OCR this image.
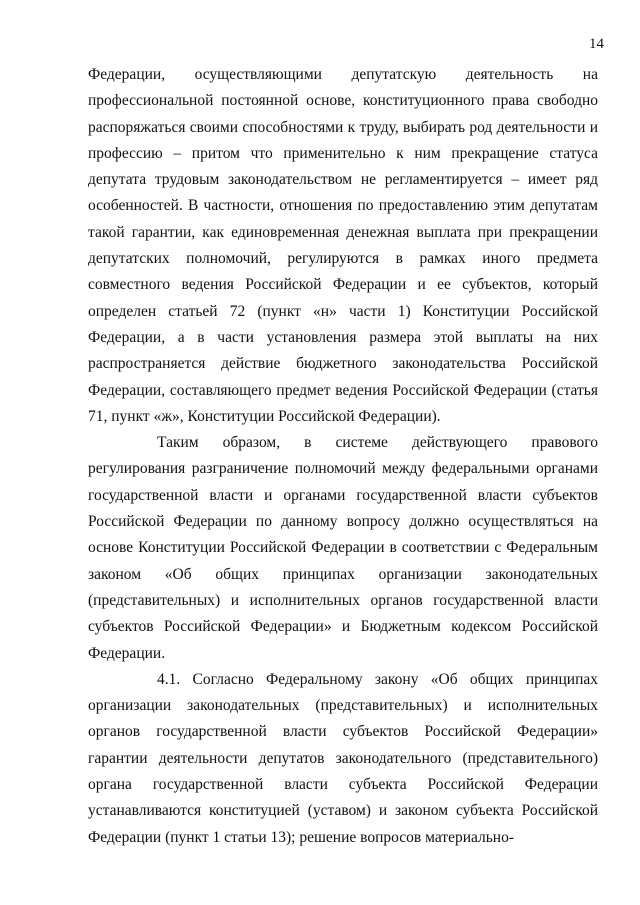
14

Федерации, осуществляющими депутатскую деятельность на профессиональной постоянной основе, конституционного права свободно распоряжаться своими способностями к труду, выбирать род деятельности и профессию – притом что применительно к ним прекращение статуса депутата трудовым законодательством не регламентируется – имеет ряд особенностей. В частности, отношения по предоставлению этим депутатам такой гарантии, как единовременная денежная выплата при прекращении депутатских полномочий, регулируются в рамках иного предмета совместного ведения Российской Федерации и ее субъектов, который определен статьей 72 (пункт «н» части 1) Конституции Российской Федерации, а в части установления размера этой выплаты на них распространяется действие бюджетного законодательства Российской Федерации, составляющего предмет ведения Российской Федерации (статья 71, пункт «ж», Конституции Российской Федерации).

Таким образом, в системе действующего правового регулирования разграничение полномочий между федеральными органами государственной власти и органами государственной власти субъектов Российской Федерации по данному вопросу должно осуществляться на основе Конституции Российской Федерации в соответствии с Федеральным законом «Об общих принципах организации законодательных (представительных) и исполнительных органов государственной власти субъектов Российской Федерации» и Бюджетным кодексом Российской Федерации.

4.1. Согласно Федеральному закону «Об общих принципах организации законодательных (представительных) и исполнительных органов государственной власти субъектов Российской Федерации» гарантии деятельности депутатов законодательного (представительного) органа государственной власти субъекта Российской Федерации устанавливаются конституцией (уставом) и законом субъекта Российской Федерации (пункт 1 статьи 13); решение вопросов материально-
